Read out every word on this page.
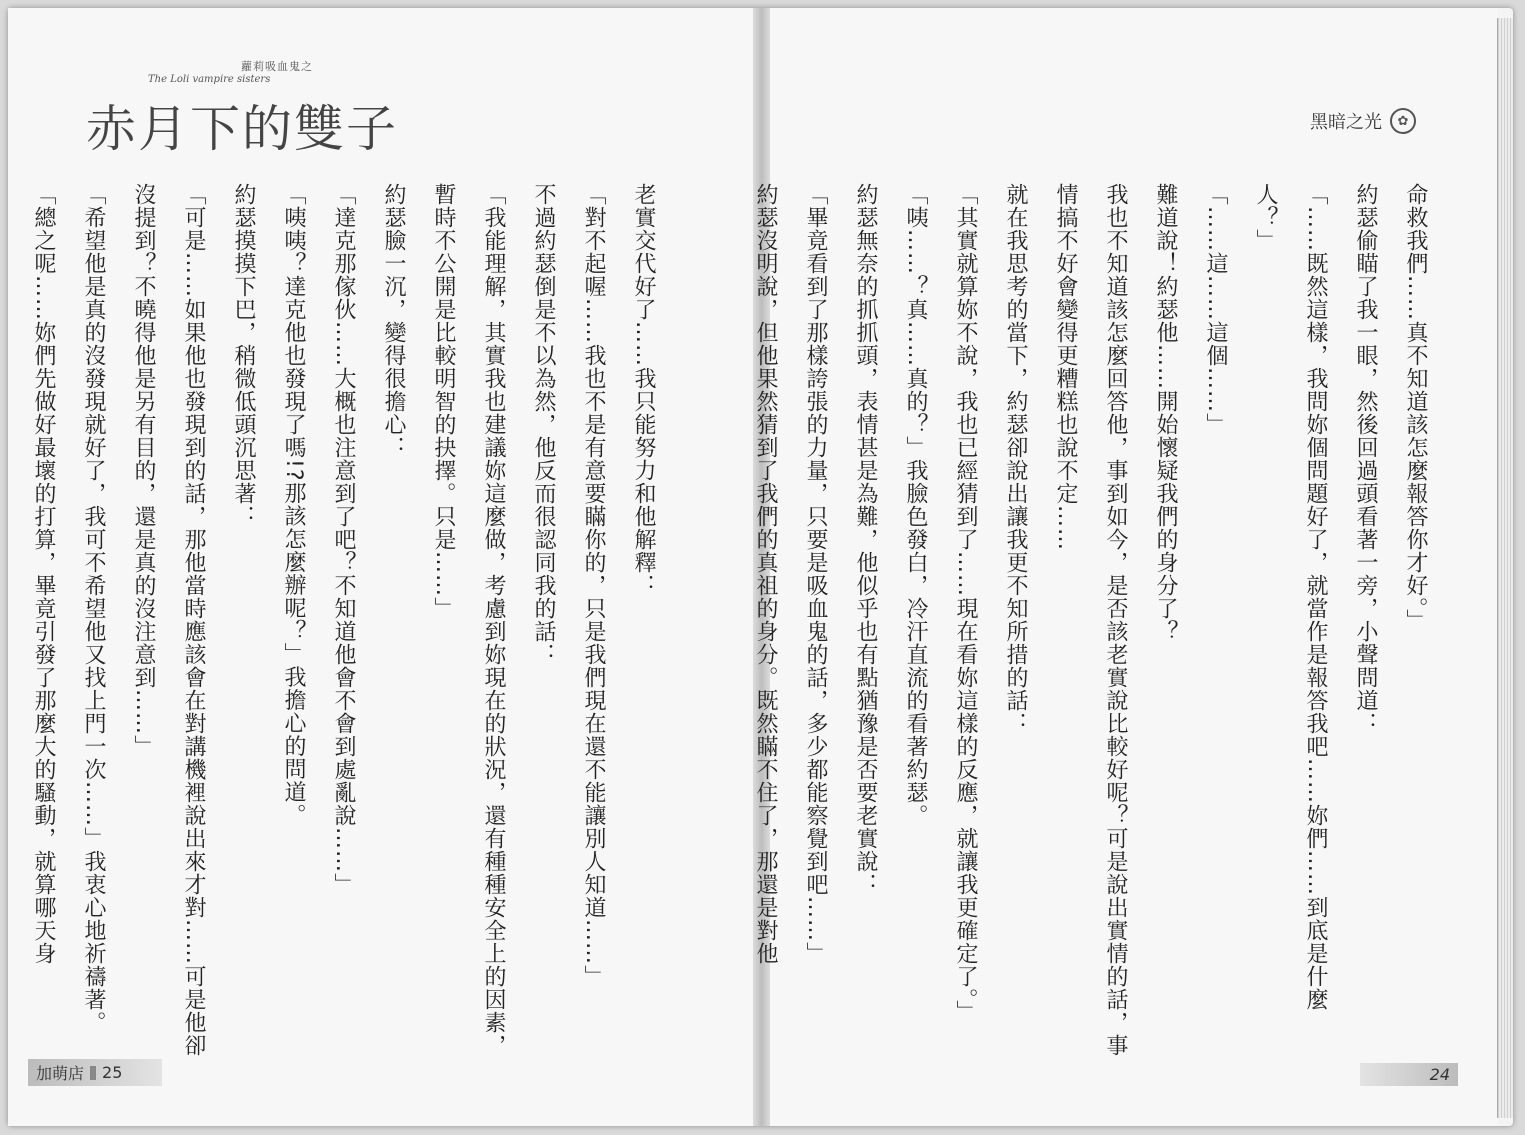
蘿莉吸血鬼之
The Loli vampire sisters
赤月下的雙子

老實交代好了……我只能努力和他解釋：

「對不起喔……我也不是有意要瞞你的，只是我們現在還不能讓別人知道……」

不過約瑟倒是不以為然，他反而很認同我的話：

「我能理解，其實我也建議妳這麼做，考慮到妳現在的狀況，還有種種安全上的因素，暫時不公開是比較明智的抉擇。只是……」

約瑟臉一沉，變得很擔心：

「達克那傢伙……大概也注意到了吧？不知道他會不會到處亂說……」

「咦咦？達克他也發現了嗎!?那該怎麼辦呢？」我擔心的問道。

約瑟摸摸下巴，稍微低頭沉思著：

「可是……如果他也發現到的話，那他當時應該會在對講機裡說出來才對……可是他卻沒提到？不曉得他是另有目的，還是真的沒注意到……」

「希望他是真的沒發現就好了，我可不希望他又找上門一次……」我衷心地祈禱著。

「總之呢……妳們先做好最壞的打算，畢竟引發了那麼大的騷動，就算哪天身

加萌店 25
黑暗之光	✿

命救我們……真不知道該怎麼報答你才好。」

約瑟偷瞄了我一眼，然後回過頭看著一旁，小聲問道：

「……既然這樣，我問妳個問題好了，就當作是報答我吧……妳們……到底是什麼人？」

「……這……這個……」

難道說！約瑟他……開始懷疑我們的身分了？

我也不知道該怎麼回答他，事到如今，是否該老實說比較好呢？可是說出實情的話，事情搞不好會變得更糟糕也說不定……

就在我思考的當下，約瑟卻說出讓我更不知所措的話：

「其實就算妳不說，我也已經猜到了……現在看妳這樣的反應，就讓我更確定了。」

「咦……？真……真的？」我臉色發白，冷汗直流的看著約瑟。

約瑟無奈的抓抓頭，表情甚是為難，他似乎也有點猶豫是否要老實說：

「畢竟看到了那樣誇張的力量，只要是吸血鬼的話，多少都能察覺到吧……」

約瑟沒明說，但他果然猜到了我們的真祖的身分。既然瞞不住了，那還是對他

24
